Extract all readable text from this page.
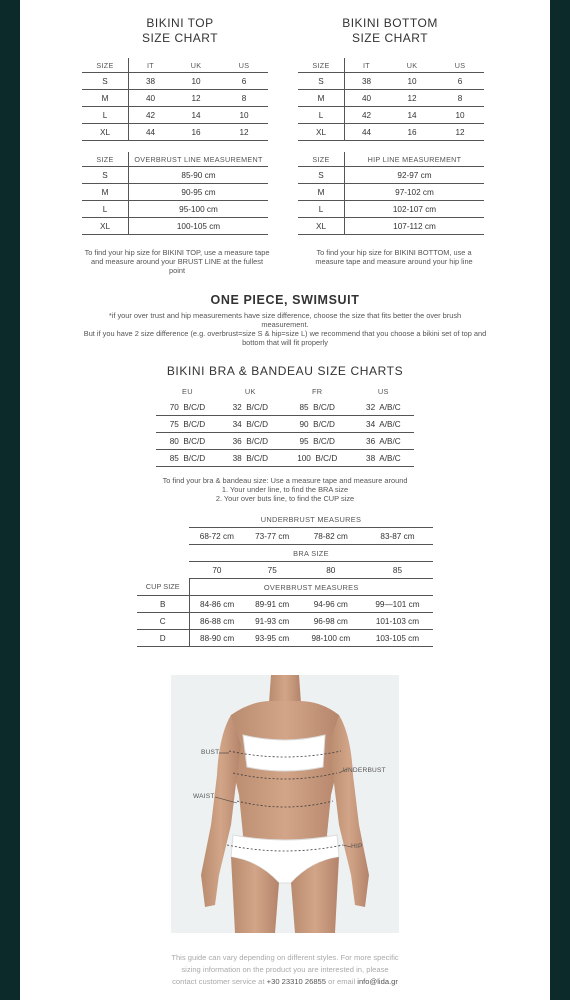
BIKINI TOP
SIZE CHART
BIKINI BOTTOM
SIZE CHART
SIZE	IT	UK	US
S	38	10	6
M	40	12	8
L	42	14	10
XL	44	16	12
SIZE	IT	UK	US
S	38	10	6
M	40	12	8
L	42	14	10
XL	44	16	12
SIZE	OVERBRUST LINE MEASUREMENT
S	85-90 cm
M	90-95 cm
L	95-100 cm
XL	100-105 cm
SIZE	HIP LINE MEASUREMENT
S	92-97 cm
M	97-102 cm
L	102-107 cm
XL	107-112 cm
To find your hip size for BIKINI TOP, use a measure tape and measure around your BRUST LINE at the fullest point
To find your hip size for BIKINI BOTTOM, use a measure tape and measure around your hip line
ONE PIECE, SWIMSUIT
*if your over trust and hip measurements have size difference, choose the size that fits better the over brush measurement.
But if you have 2 size difference (e.g. overbrust=size S & hip=size L) we recommend that you choose a bikini set of top and bottom that will fit properly
BIKINI BRA & BANDEAU SIZE CHARTS
EU	UK	FR	US
70  B/C/D	32  B/C/D	85  B/C/D	32  A/B/C
75  B/C/D	34  B/C/D	90  B/C/D	34  A/B/C
80  B/C/D	36  B/C/D	95  B/C/D	36  A/B/C
85  B/C/D	38  B/C/D	100  B/C/D	38  A/B/C
To find your bra & bandeau size: Use a measure tape and measure around
1. Your under line, to find the BRA size
2. Your over buts line, to find the CUP size
	UNDERBRUST MEASURES			
	68-72 cm	73-77 cm	78-82 cm	83-87 cm
	BRA SIZE			
	70	75	80	85
CUP SIZE	OVERBRUST MEASURES			
B	84-86 cm	89-91 cm	94-96 cm	99—101 cm
C	86-88 cm	91-93 cm	96-98 cm	101-103 cm
D	88-90 cm	93-95 cm	98-100 cm	103-105 cm
BUST
UNDERBUST
WAIST
HIP
This guide can vary depending on different styles. For more specific
sizing information on the product you are interested in, please
contact customer service at +30 23310 26855 or email info@lida.gr
